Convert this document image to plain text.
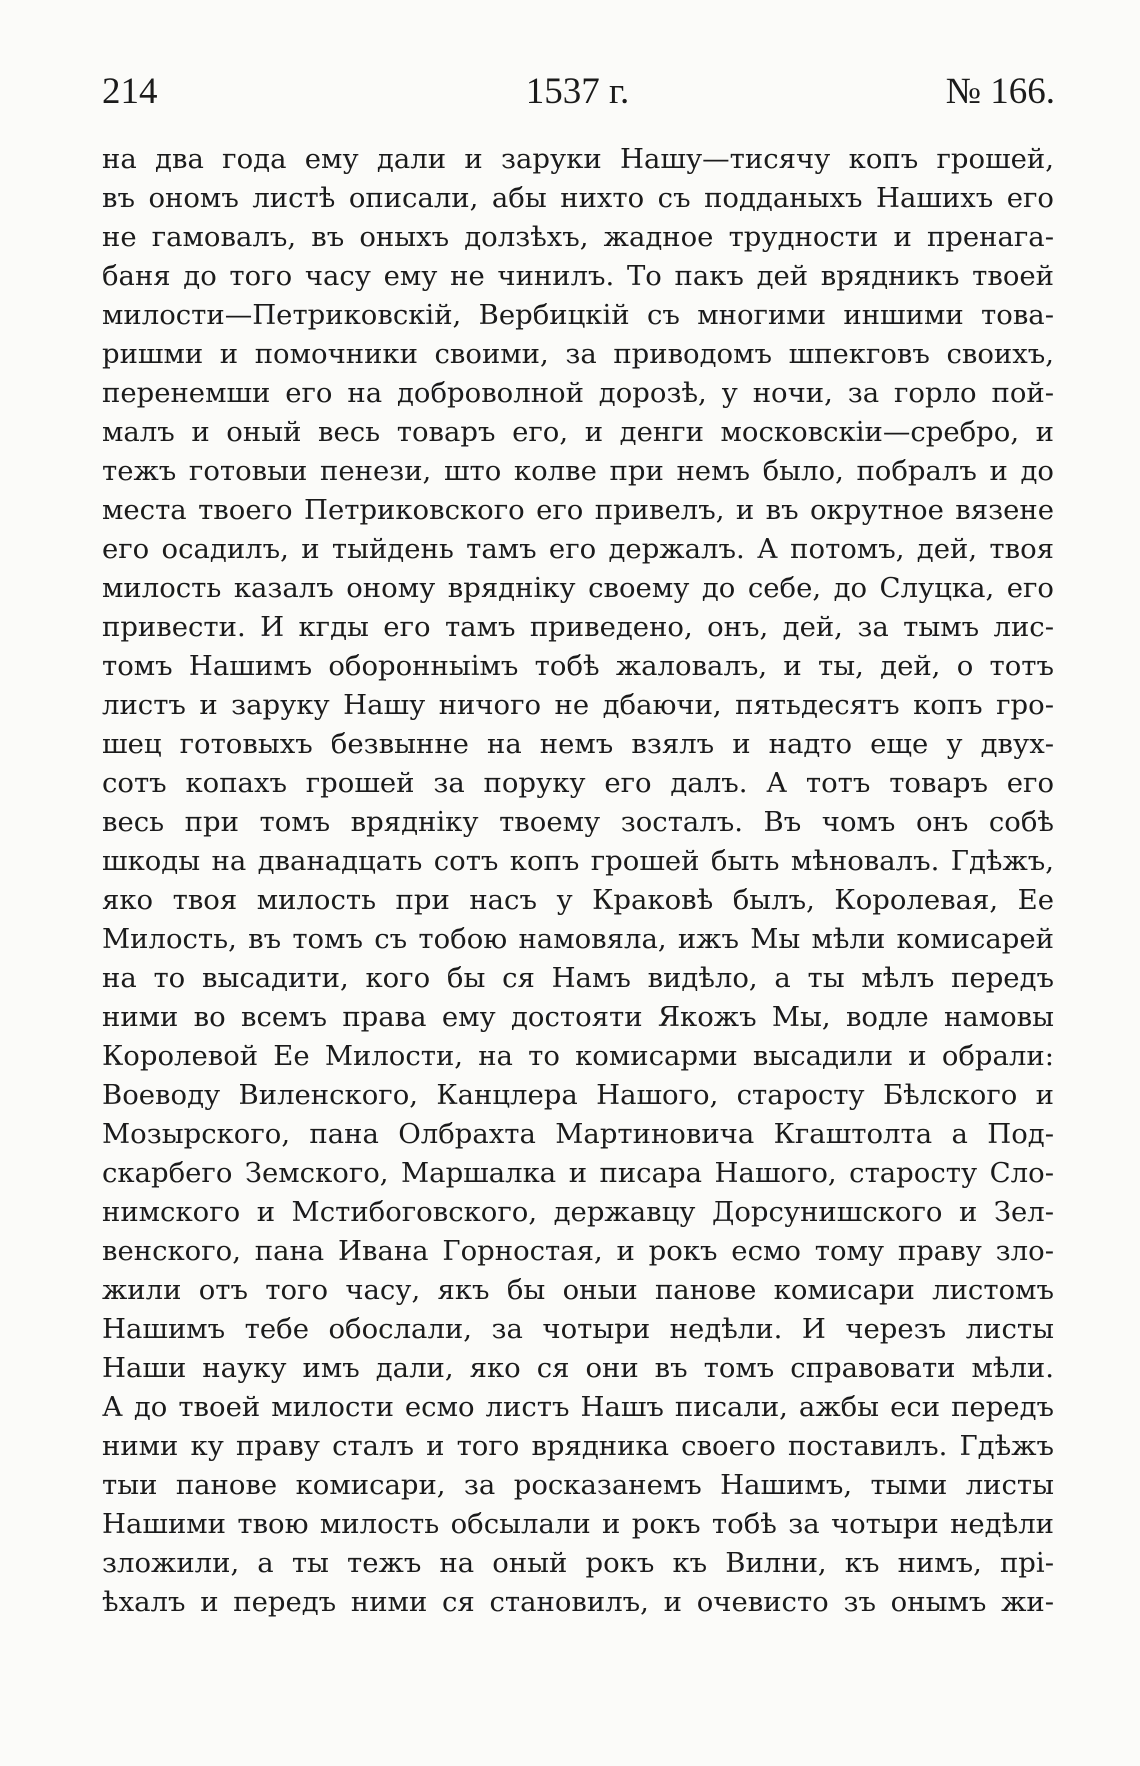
214	1537 г.	№ 166.
на два года ему дали и заруки Нашу—тисячу копъ грошей,
въ ономъ листѣ описали, абы нихто съ подданыхъ Нашихъ его
не гамовалъ, въ оныхъ долзѣхъ, жадное трудности и пренага-
баня до того часу ему не чинилъ. То пакъ дей врядникъ твоей
милости—Петриковскій, Вербицкій съ многими иншими това-
ришми и помочники своими, за приводомъ шпекговъ своихъ,
перенемши его на доброволной дорозѣ, у ночи, за горло пой-
малъ и оный весь товаръ его, и денги московскіи—сребро, и
тежъ готовыи пенези, што колве при немъ было, побралъ и до
места твоего Петриковского его привелъ, и въ окрутное вязене
его осадилъ, и тыйдень тамъ его держалъ. А потомъ, дей, твоя
милость казалъ оному врядніку своему до себе, до Слуцка, его
привести. И кгды его тамъ приведено, онъ, дей, за тымъ лис-
томъ Нашимъ оборонныімъ тобѣ жаловалъ, и ты, дей, о тотъ
листъ и заруку Нашу ничого не дбаючи, пятьдесятъ копъ гро-
шец готовыхъ безвынне на немъ взялъ и надто еще у двух-
сотъ копахъ грошей за поруку его далъ. А тотъ товаръ его
весь при томъ врядніку твоему зосталъ. Въ чомъ онъ собѣ
шкоды на дванадцать сотъ копъ грошей быть мѣновалъ. Гдѣжъ,
яко твоя милость при насъ у Краковѣ былъ, Королевая, Ее
Милость, въ томъ съ тобою намовяла, ижъ Мы мѣли комисарей
на то высадити, кого бы ся Намъ видѣло, а ты мѣлъ передъ
ними во всемъ права ему достояти Якожъ Мы, водле намовы
Королевой Ее Милости, на то комисарми высадили и обрали:
Воеводу Виленского, Канцлера Нашого, старосту Бѣлского и
Мозырского, пана Олбрахта Мартиновича Кгаштолта а Под-
скарбего Земского, Маршалка и писара Нашого, старосту Сло-
нимского и Мстибоговского, державцу Дорсунишского и Зел-
венского, пана Ивана Горностая, и рокъ есмо тому праву зло-
жили отъ того часу, якъ бы оныи панове комисари листомъ
Нашимъ тебе обослали, за чотыри недѣли. И черезъ листы
Наши науку имъ дали, яко ся они въ томъ справовати мѣли.
А до твоей милости есмо листъ Нашъ писали, ажбы еси передъ
ними ку праву сталъ и того врядника своего поставилъ. Гдѣжъ
тыи панове комисари, за росказанемъ Нашимъ, тыми листы
Нашими твою милость обсылали и рокъ тобѣ за чотыри недѣли
зложили, а ты тежъ на оный рокъ къ Вилни, къ нимъ, прі-
ѣхалъ и передъ ними ся становилъ, и очевисто зъ онымъ жи-
